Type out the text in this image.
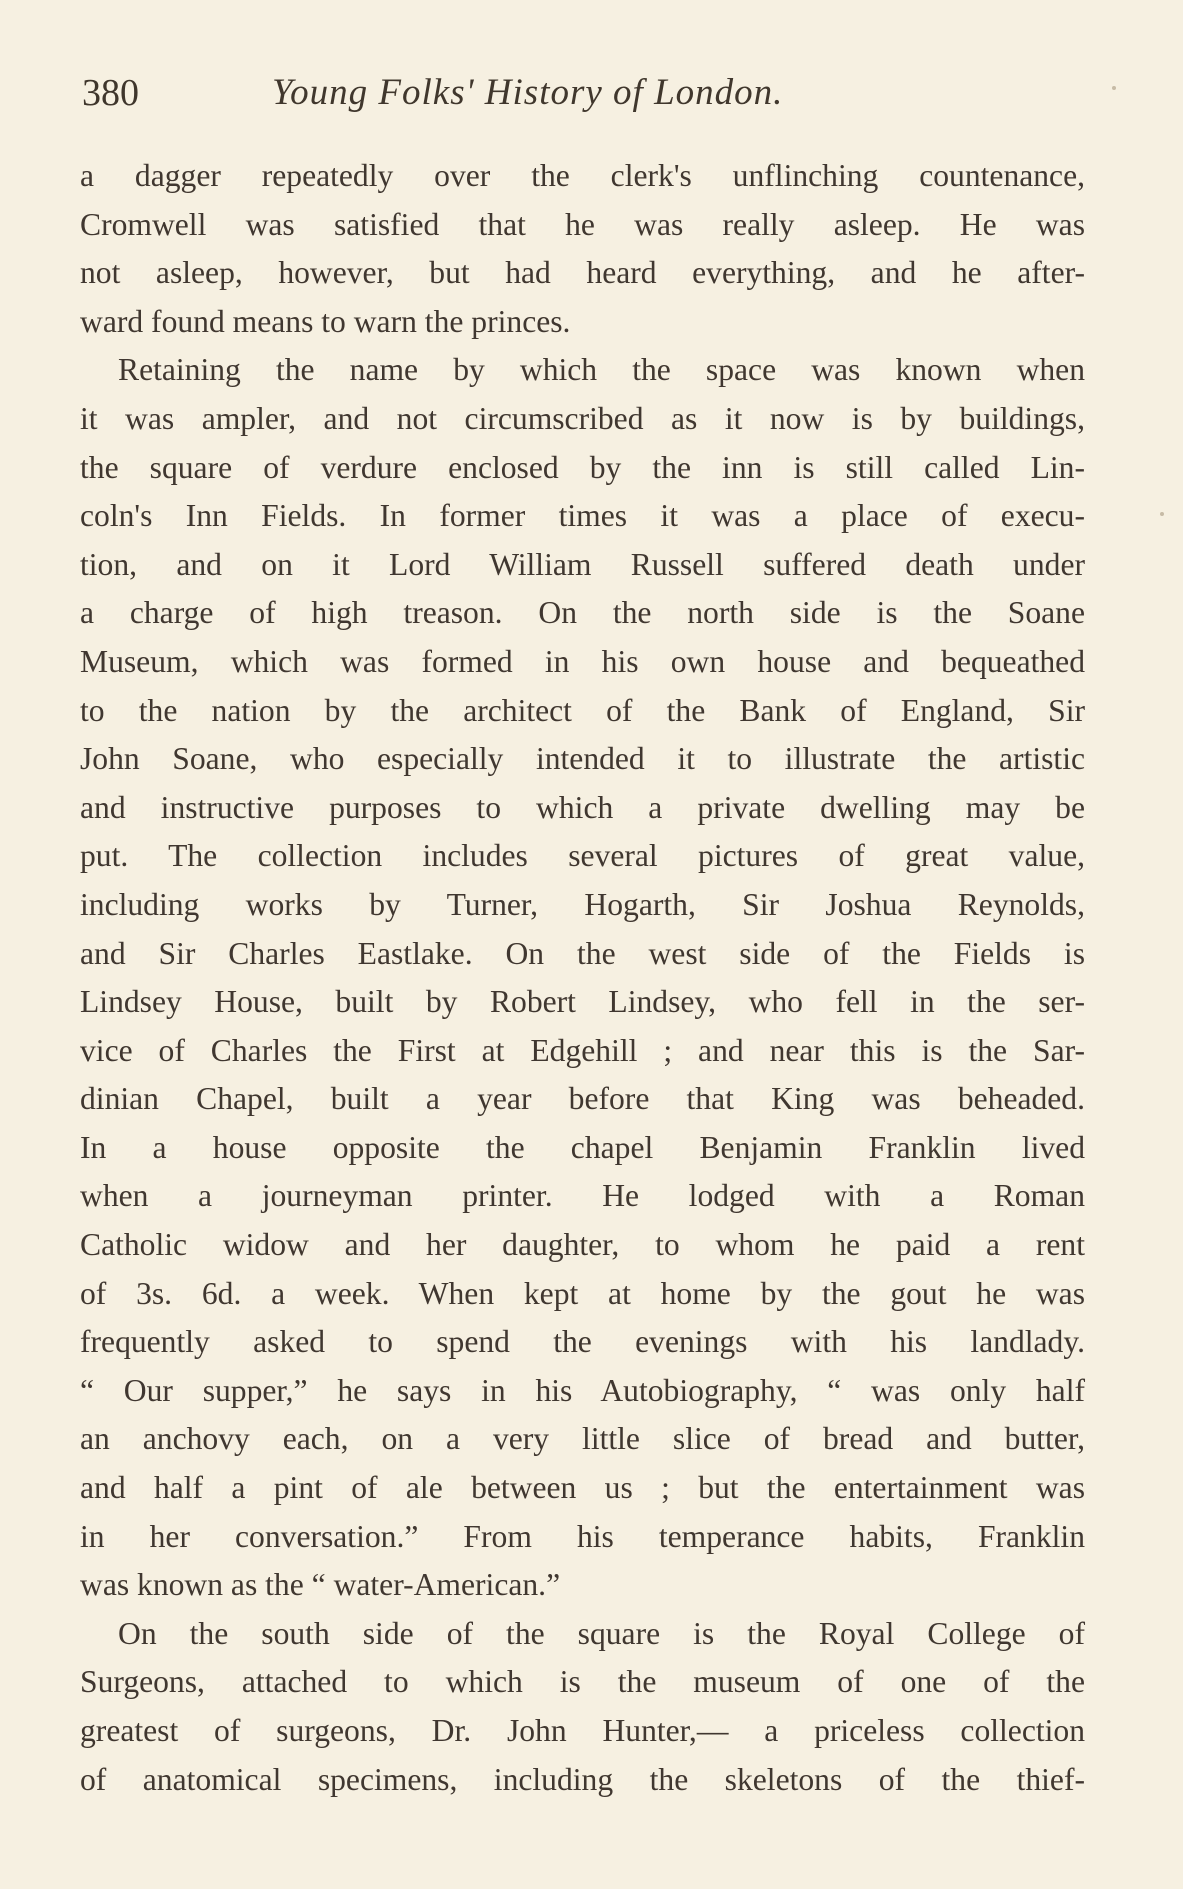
380	Young Folks' History of London.
a dagger repeatedly over the clerk's unflinching countenance,
Cromwell was satisfied that he was really asleep. He was
not asleep, however, but had heard everything, and he after-
ward found means to warn the princes.
Retaining the name by which the space was known when
it was ampler, and not circumscribed as it now is by buildings,
the square of verdure enclosed by the inn is still called Lin-
coln's Inn Fields. In former times it was a place of execu-
tion, and on it Lord William Russell suffered death under
a charge of high treason. On the north side is the Soane
Museum, which was formed in his own house and bequeathed
to the nation by the architect of the Bank of England, Sir
John Soane, who especially intended it to illustrate the artistic
and instructive purposes to which a private dwelling may be
put. The collection includes several pictures of great value,
including works by Turner, Hogarth, Sir Joshua Reynolds,
and Sir Charles Eastlake. On the west side of the Fields is
Lindsey House, built by Robert Lindsey, who fell in the ser-
vice of Charles the First at Edgehill ; and near this is the Sar-
dinian Chapel, built a year before that King was beheaded.
In a house opposite the chapel Benjamin Franklin lived
when a journeyman printer. He lodged with a Roman
Catholic widow and her daughter, to whom he paid a rent
of 3s. 6d. a week. When kept at home by the gout he was
frequently asked to spend the evenings with his landlady.
“ Our supper,” he says in his Autobiography, “ was only half
an anchovy each, on a very little slice of bread and butter,
and half a pint of ale between us ; but the entertainment was
in her conversation.” From his temperance habits, Franklin
was known as the “ water-American.”
On the south side of the square is the Royal College of
Surgeons, attached to which is the museum of one of the
greatest of surgeons, Dr. John Hunter,— a priceless collection
of anatomical specimens, including the skeletons of the thief-
